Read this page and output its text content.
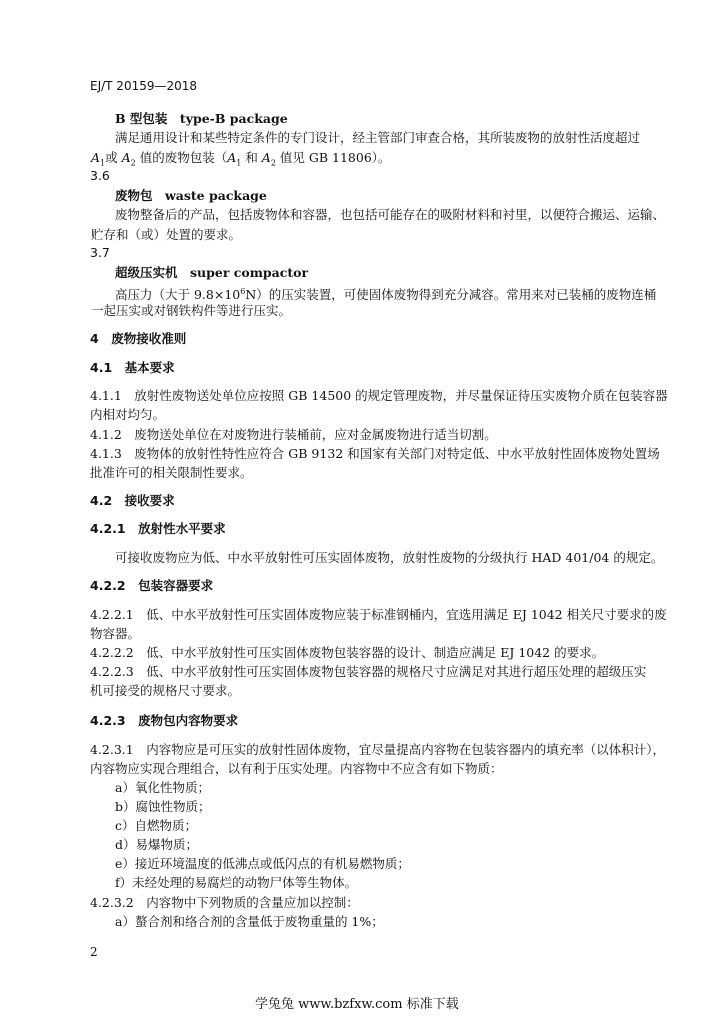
EJ/T 20159—2018
B 型包装　type-B package
满足通用设计和某些特定条件的专门设计，经主管部门审查合格，其所装废物的放射性活度超过
$A_1$或 $A_2$ 值的废物包装（$A_1$ 和 $A_2$ 值见 GB 11806）。
3.6
废物包　waste package
废物整备后的产品，包括废物体和容器，也包括可能存在的吸附材料和衬里，以便符合搬运、运输、
贮存和（或）处置的要求。
3.7
超级压实机　super compactor
高压力（大于 $9.8\times 10^6N$）的压实装置，可使固体废物得到充分减容。常用来对已装桶的废物连桶
一起压实或对钢铁构件等进行压实。
4　废物接收准则
4.1　基本要求
4.1.1　放射性废物送处单位应按照 GB 14500 的规定管理废物，并尽量保证待压实废物介质在包装容器
内相对均匀。
4.1.2　废物送处单位在对废物进行装桶前，应对金属废物进行适当切割。
4.1.3　废物体的放射性特性应符合 GB 9132 和国家有关部门对特定低、中水平放射性固体废物处置场
批准许可的相关限制性要求。
4.2　接收要求
4.2.1　放射性水平要求
可接收废物应为低、中水平放射性可压实固体废物，放射性废物的分级执行 HAD 401/04 的规定。
4.2.2　包装容器要求
4.2.2.1　低、中水平放射性可压实固体废物应装于标准钢桶内，宜选用满足 EJ 1042 相关尺寸要求的废
物容器。
4.2.2.2　低、中水平放射性可压实固体废物包装容器的设计、制造应满足 EJ 1042 的要求。
4.2.2.3　低、中水平放射性可压实固体废物包装容器的规格尺寸应满足对其进行超压处理的超级压实
机可接受的规格尺寸要求。
4.2.3　废物包内容物要求
4.2.3.1　内容物应是可压实的放射性固体废物，宜尽量提高内容物在包装容器内的填充率（以体积计），
内容物应实现合理组合，以有利于压实处理。内容物中不应含有如下物质：
a）氧化性物质；
b）腐蚀性物质；
c）自燃物质；
d）易爆物质；
e）接近环境温度的低沸点或低闪点的有机易燃物质；
f）未经处理的易腐烂的动物尸体等生物体。
4.2.3.2　内容物中下列物质的含量应加以控制：
a）螯合剂和络合剂的含量低于废物重量的 1%；
2
学兔兔 www.bzfxw.com 标准下载
